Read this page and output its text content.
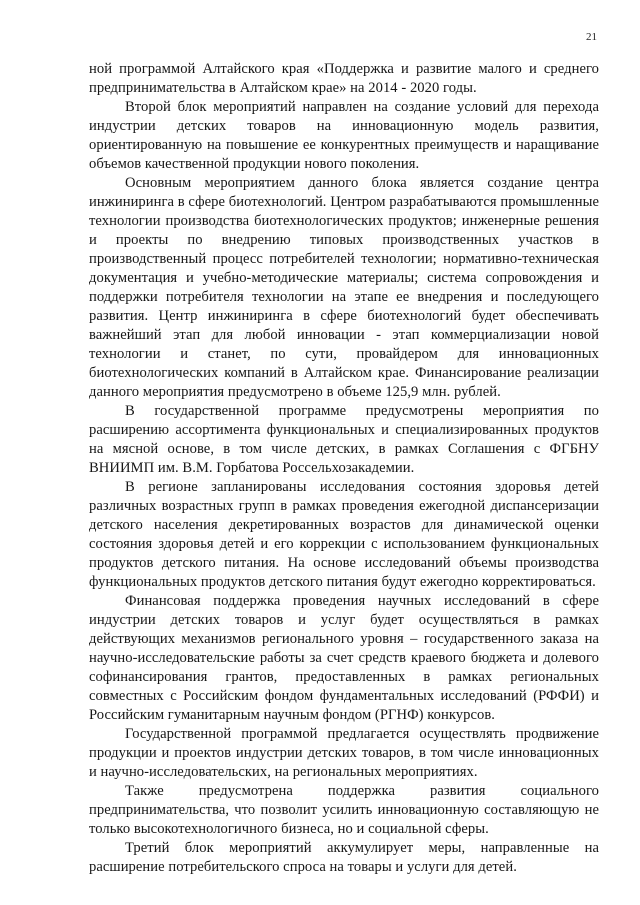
21

ной программой Алтайского края «Поддержка и развитие малого и среднего предпринимательства в Алтайском крае» на 2014 - 2020 годы.

Второй блок мероприятий направлен на создание условий для перехода индустрии детских товаров на инновационную модель развития, ориентированную на повышение ее конкурентных преимуществ и наращивание объемов качественной продукции нового поколения.

Основным мероприятием данного блока является создание центра инжиниринга в сфере биотехнологий. Центром разрабатываются промышленные технологии производства биотехнологических продуктов; инженерные решения и проекты по внедрению типовых производственных участков в производственный процесс потребителей технологии; нормативно-техническая документация и учебно-методические материалы; система сопровождения и поддержки потребителя технологии на этапе ее внедрения и последующего развития. Центр инжиниринга в сфере биотехнологий будет обеспечивать важнейший этап для любой инновации - этап коммерциализации новой технологии и станет, по сути, провайдером для инновационных биотехнологических компаний в Алтайском крае. Финансирование реализации данного мероприятия предусмотрено в объеме 125,9 млн. рублей.

В государственной программе предусмотрены мероприятия по расширению ассортимента функциональных и специализированных продуктов на мясной основе, в том числе детских, в рамках Соглашения с ФГБНУ ВНИИМП им. В.М. Горбатова Россельхозакадемии.

В регионе запланированы исследования состояния здоровья детей различных возрастных групп в рамках проведения ежегодной диспансеризации детского населения декретированных возрастов для динамической оценки состояния здоровья детей и его коррекции с использованием функциональных продуктов детского питания. На основе исследований объемы производства функциональных продуктов детского питания будут ежегодно корректироваться.

Финансовая поддержка проведения научных исследований в сфере индустрии детских товаров и услуг будет осуществляться в рамках действующих механизмов регионального уровня – государственного заказа на научно-исследовательские работы за счет средств краевого бюджета и долевого софинансирования грантов, предоставленных в рамках региональных совместных с Российским фондом фундаментальных исследований (РФФИ) и Российским гуманитарным научным фондом (РГНФ) конкурсов.

Государственной программой предлагается осуществлять продвижение продукции и проектов индустрии детских товаров, в том числе инновационных и научно-исследовательских, на региональных мероприятиях.

Также предусмотрена поддержка развития социального предпринимательства, что позволит усилить инновационную составляющую не только высокотехнологичного бизнеса, но и социальной сферы.

Третий блок мероприятий аккумулирует меры, направленные на расширение потребительского спроса на товары и услуги для детей.
